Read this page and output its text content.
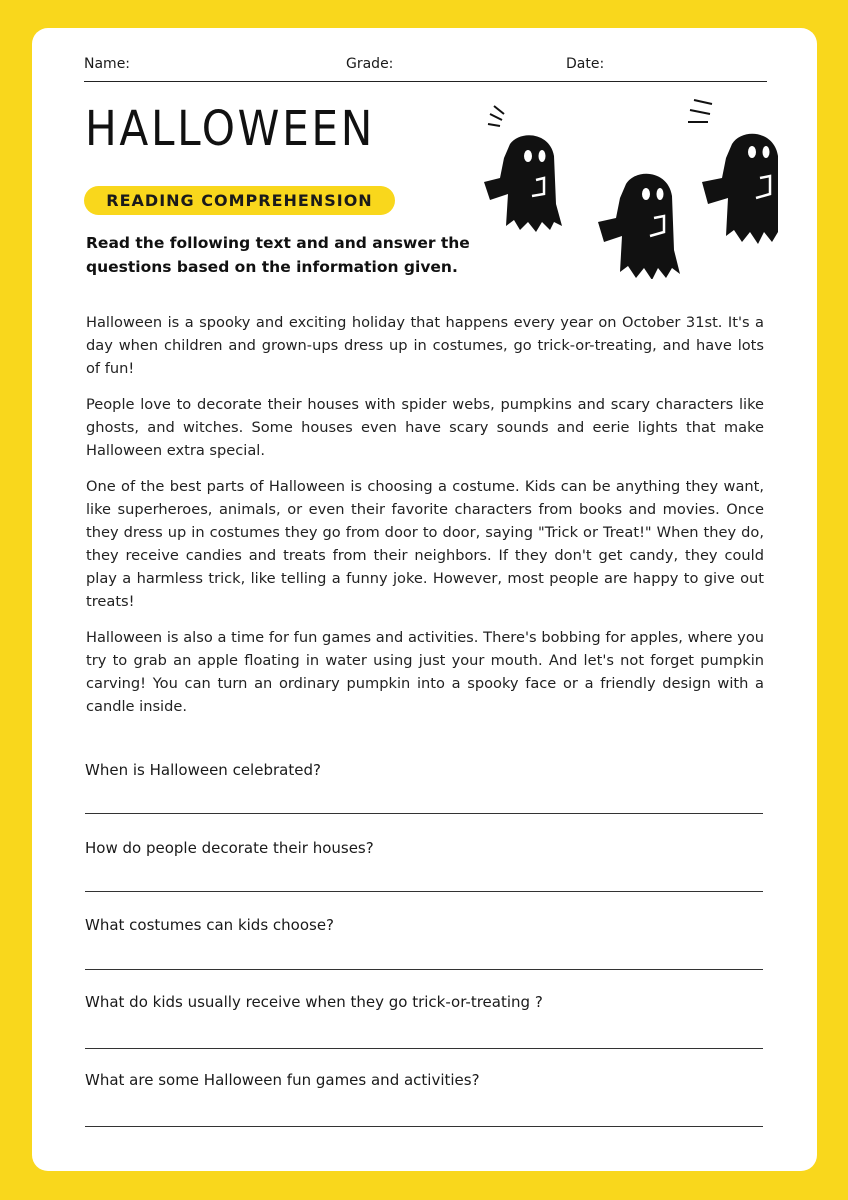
Name:	Grade:	Date:
HALLOWEEN
READING COMPREHENSION
Read the following text and and answer the questions based on the information given.

Halloween is a spooky and exciting holiday that happens every year on October 31st. It's a day when children and grown-ups dress up in costumes, go trick-or-treating, and have lots of fun!

People love to decorate their houses with spider webs, pumpkins and scary characters like ghosts, and witches. Some houses even have scary sounds and eerie lights that make Halloween extra special.

One of the best parts of Halloween is choosing a costume. Kids can be anything they want, like superheroes, animals, or even their favorite characters from books and movies. Once they dress up in costumes they go from door to door, saying "Trick or Treat!" When they do, they receive candies and treats from their neighbors. If they don't get candy, they could play a harmless trick, like telling a funny joke. However, most people are happy to give out treats!

Halloween is also a time for fun games and activities. There's bobbing for apples, where you try to grab an apple floating in water using just your mouth. And let's not forget pumpkin carving! You can turn an ordinary pumpkin into a spooky face or a friendly design with a candle inside.

When is Halloween celebrated?
How do people decorate their houses?
What costumes can kids choose?
What do kids usually receive when they go trick-or-treating ?
What are some Halloween fun games and activities?
